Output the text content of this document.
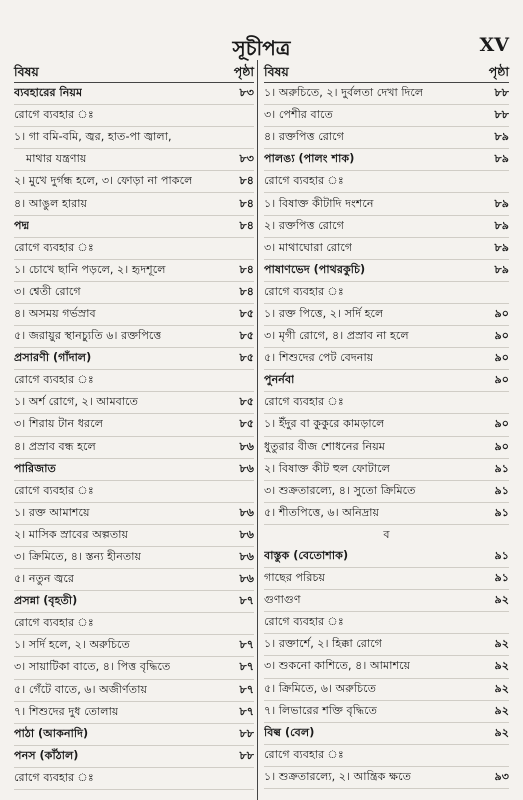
সূচীপত্র	XV
বিষয়	পৃষ্ঠা
ব্যবহারের নিয়ম	৮৩
রোগে ব্যবহার ঃ
১। গা বমি-বমি, জ্বর, হাত-পা জ্বালা,
মাথার যন্ত্রণায়	৮৩
২। মুখে দুর্গন্ধ হলে, ৩। ফোড়া না পাকলে	৮৪
৪। আঙুল হারায়	৮৪
পদ্ম	৮৪
রোগে ব্যবহার ঃ
১। চোখে ছানি পড়লে, ২। হৃদশূলে	৮৪
৩। শ্বেতী রোগে	৮৪
৪। অসময় গর্ভস্রাব	৮৫
৫। জরায়ুর স্থানচ্যুতি ৬। রক্তপিত্তে	৮৫
প্রসারণী (গাঁদাল)	৮৫
রোগে ব্যবহার ঃ
১। অর্শ রোগে, ২। আমবাতে	৮৫
৩। শিরায় টান ধরলে	৮৫
৪। প্রস্রাব বন্ধ হলে	৮৬
পারিজাত	৮৬
রোগে ব্যবহার ঃ
১। রক্ত আমাশয়ে	৮৬
২। মাসিক স্রাবের অল্পতায়	৮৬
৩। ক্রিমিতে, ৪। স্তন্য হীনতায়	৮৬
৫। নতুন জ্বরে	৮৬
প্রসন্না (বৃহতী)	৮৭
রোগে ব্যবহার ঃ
১। সর্দি হলে, ২। অরুচিতে	৮৭
৩। সায়াটিকা বাতে, ৪। পিত্ত বৃদ্ধিতে	৮৭
৫। গেঁটে বাতে, ৬। অজীর্ণতায়	৮৭
৭। শিশুদের দুধ তোলায়	৮৭
পাঠা (আকনাদি)	৮৮
পনস (কাঁঠাল)	৮৮
রোগে ব্যবহার ঃ
বিষয়	পৃষ্ঠা
১। অরুচিতে, ২। দুর্বলতা দেখা দিলে	৮৮
৩। পেশীর বাতে	৮৮
৪। রক্তপিত্ত রোগে	৮৯
পালঙ্য (পালং শাক)	৮৯
রোগে ব্যবহার ঃ
১। বিষাক্ত কীটাদি দংশনে	৮৯
২। রক্তপিত্ত রোগে	৮৯
৩। মাথাঘোরা রোগে	৮৯
পাষাণভেদ (পাথরকুচি)	৮৯
রোগে ব্যবহার ঃ
১। রক্ত পিত্তে, ২। সর্দি হলে	৯০
৩। মৃগী রোগে, ৪। প্রস্রাব না হলে	৯০
৫। শিশুদের পেট বেদনায়	৯০
পুনর্নবা	৯০
রোগে ব্যবহার ঃ
১। ইঁদুর বা কুকুরে কামড়ালে	৯০
ধুতুরার বীজ শোধনের নিয়ম	৯০
২। বিষাক্ত কীট হুল ফোটালে	৯১
৩। শুক্রতারল্যে, ৪। সুতো ক্রিমিতে	৯১
৫। শীতপিত্তে, ৬। অনিদ্রায়	৯১
ব
বাস্তুক (বেতোশাক)	৯১
গাছের পরিচয়	৯১
গুণাগুণ	৯২
রোগে ব্যবহার ঃ
১। রক্তার্শে, ২। হিক্কা রোগে	৯২
৩। শুকনো কাশিতে, ৪। আমাশয়ে	৯২
৫। ক্রিমিতে, ৬। অরুচিতে	৯২
৭। লিভারের শক্তি বৃদ্ধিতে	৯২
বিল্ব (বেল)	৯২
রোগে ব্যবহার ঃ
১। শুক্রতারল্যে, ২। আন্ত্রিক ক্ষতে	৯৩
